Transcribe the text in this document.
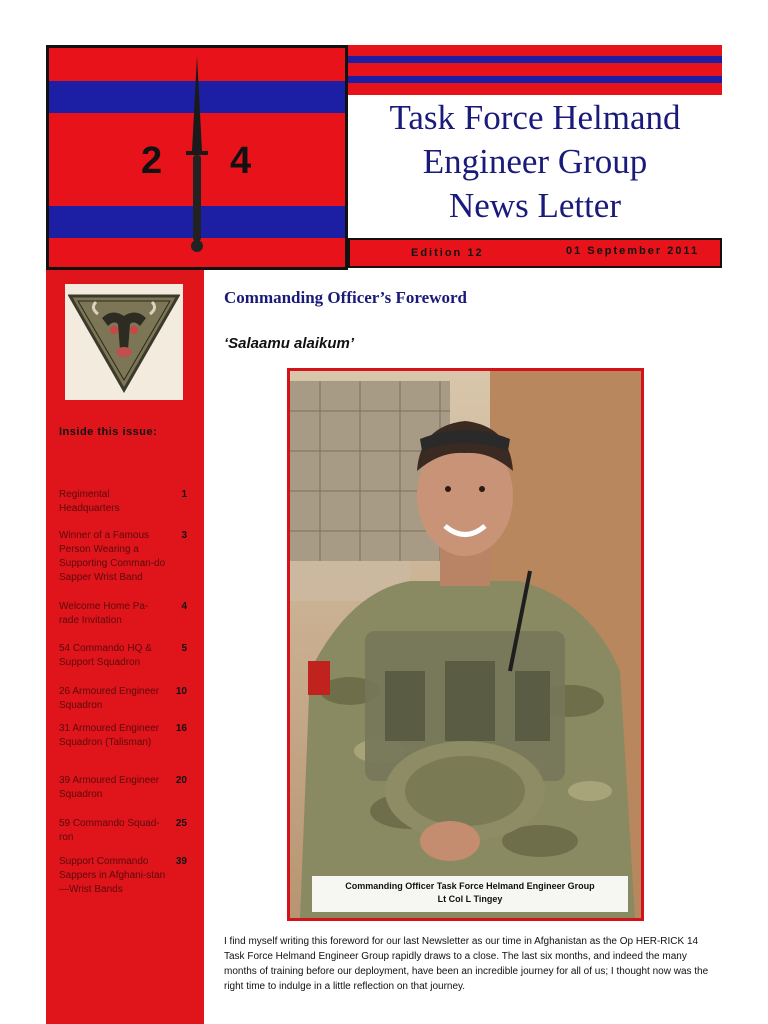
2 4
Task Force Helmand
Engineer Group
News Letter
Edition 12	01 September 2011
Inside this issue:
Regimental Headquarters
1
Winner of a Famous Person Wearing a Supporting Comman-do Sapper Wrist Band
3
Welcome Home Pa-rade Invitation
4
54 Commando HQ & Support Squadron
5
26 Armoured Engineer Squadron
10
31 Armoured Engineer Squadron (Talisman)
16
39 Armoured Engineer Squadron
20
59 Commando Squad-ron
25
Support Commando Sappers in Afghani-stan—Wrist Bands
39
Commanding Officer’s Foreword
‘Salaamu alaikum’
Commanding Officer Task Force Helmand Engineer Group
Lt Col L Tingey
I find myself writing this foreword for our last Newsletter as our time in Afghanistan as the Op HER-RICK 14 Task Force Helmand Engineer Group rapidly draws to a close. The last six months, and indeed the many months of training before our deployment, have been an incredible journey for all of us; I thought now was the right time to indulge in a little reflection on that journey.
